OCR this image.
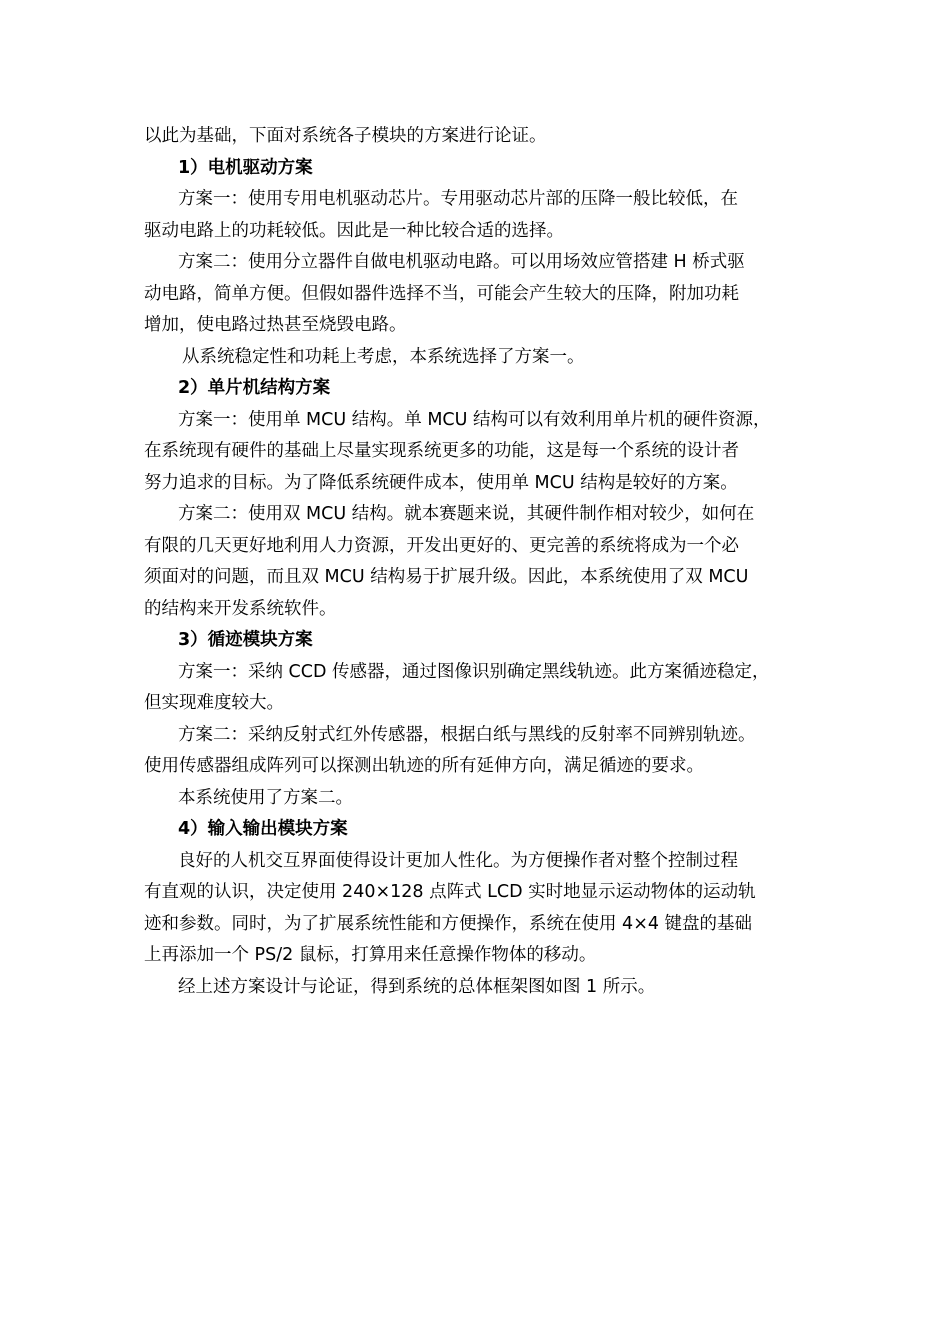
以此为基础，下面对系统各子模块的方案进行论证。
1）电机驱动方案
方案一：使用专用电机驱动芯片。专用驱动芯片部的压降一般比较低，在
驱动电路上的功耗较低。因此是一种比较合适的选择。
方案二：使用分立器件自做电机驱动电路。可以用场效应管搭建 H 桥式驱
动电路，简单方便。但假如器件选择不当，可能会产生较大的压降，附加功耗
增加，使电路过热甚至烧毁电路。
从系统稳定性和功耗上考虑，本系统选择了方案一。
2）单片机结构方案
方案一：使用单 MCU 结构。单 MCU 结构可以有效利用单片机的硬件资源，
在系统现有硬件的基础上尽量实现系统更多的功能，这是每一个系统的设计者
努力追求的目标。为了降低系统硬件成本，使用单 MCU 结构是较好的方案。
方案二：使用双 MCU 结构。就本赛题来说，其硬件制作相对较少，如何在
有限的几天更好地利用人力资源，开发出更好的、更完善的系统将成为一个必
须面对的问题，而且双 MCU 结构易于扩展升级。因此，本系统使用了双 MCU
的结构来开发系统软件。
3）循迹模块方案
方案一：采纳 CCD 传感器，通过图像识别确定黑线轨迹。此方案循迹稳定，
但实现难度较大。
方案二：采纳反射式红外传感器，根据白纸与黑线的反射率不同辨别轨迹。
使用传感器组成阵列可以探测出轨迹的所有延伸方向，满足循迹的要求。
本系统使用了方案二。
4）输入输出模块方案
良好的人机交互界面使得设计更加人性化。为方便操作者对整个控制过程
有直观的认识，决定使用 240×128 点阵式 LCD 实时地显示运动物体的运动轨
迹和参数。同时，为了扩展系统性能和方便操作，系统在使用 4×4 键盘的基础
上再添加一个 PS/2 鼠标，打算用来任意操作物体的移动。
经上述方案设计与论证，得到系统的总体框架图如图 1 所示。
